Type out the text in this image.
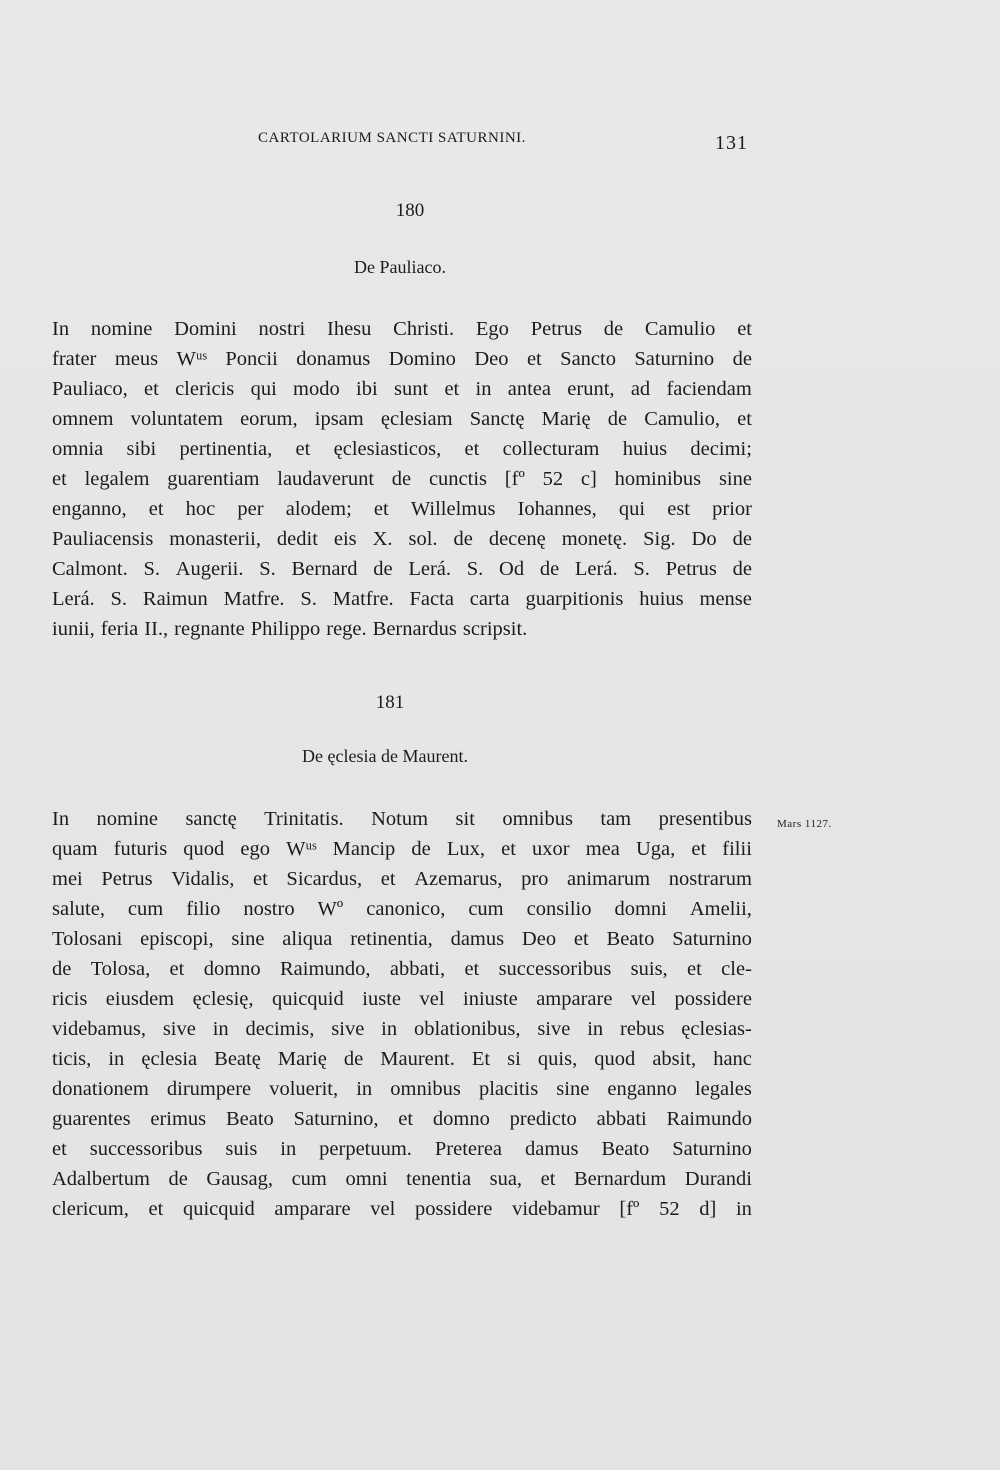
CARTOLARIUM SANCTI SATURNINI.	131
180
De Pauliaco.
In nomine Domini nostri Ihesu Christi. Ego Petrus de Camulio et
frater meus Wᵘˢ Poncii donamus Domino Deo et Sancto Saturnino de
Pauliaco, et clericis qui modo ibi sunt et in antea erunt, ad faciendam
omnem voluntatem eorum, ipsam ęclesiam Sanctę Marię de Camulio, et
omnia sibi pertinentia, et ęclesiasticos, et collecturam huius decimi;
et legalem guarentiam laudaverunt de cunctis [fº 52 c] hominibus sine
enganno, et hoc per alodem; et Willelmus Iohannes, qui est prior
Pauliacensis monasterii, dedit eis X. sol. de decenę monetę. Sig. Do de
Calmont. S. Augerii. S. Bernard de Lerá. S. Od de Lerá. S. Petrus de
Lerá. S. Raimun Matfre. S. Matfre. Facta carta guarpitionis huius mense
iunii, feria II., regnante Philippo rege. Bernardus scripsit.
181
De ęclesia de Maurent.
Mars 1127.
In nomine sanctę Trinitatis. Notum sit omnibus tam presentibus
quam futuris quod ego Wᵘˢ Mancip de Lux, et uxor mea Uga, et filii
mei Petrus Vidalis, et Sicardus, et Azemarus, pro animarum nostrarum
salute, cum filio nostro Wº canonico, cum consilio domni Amelii,
Tolosani episcopi, sine aliqua retinentia, damus Deo et Beato Saturnino
de Tolosa, et domno Raimundo, abbati, et successoribus suis, et cle-
ricis eiusdem ęclesię, quicquid iuste vel iniuste amparare vel possidere
videbamus, sive in decimis, sive in oblationibus, sive in rebus ęclesias-
ticis, in ęclesia Beatę Marię de Maurent. Et si quis, quod absit, hanc
donationem dirumpere voluerit, in omnibus placitis sine enganno legales
guarentes erimus Beato Saturnino, et domno predicto abbati Raimundo
et successoribus suis in perpetuum. Preterea damus Beato Saturnino
Adalbertum de Gausag, cum omni tenentia sua, et Bernardum Durandi
clericum, et quicquid amparare vel possidere videbamur [fº 52 d] in
